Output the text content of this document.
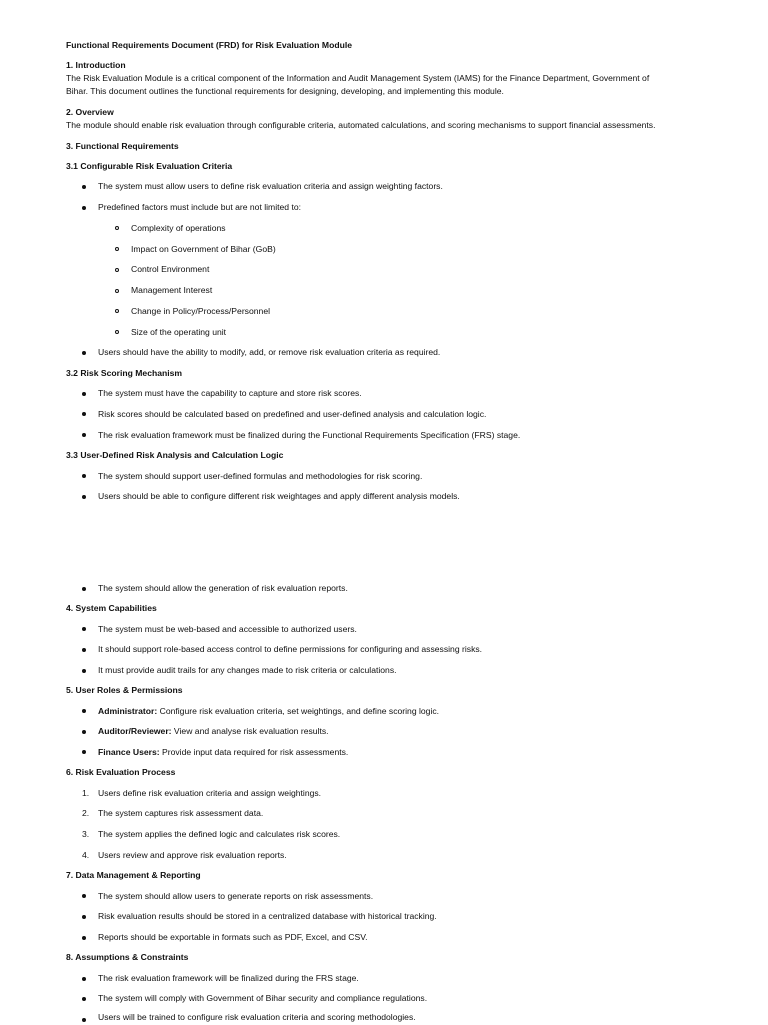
Functional Requirements Document (FRD) for Risk Evaluation Module
1. Introduction
The Risk Evaluation Module is a critical component of the Information and Audit Management System (IAMS) for the Finance Department, Government of
Bihar. This document outlines the functional requirements for designing, developing, and implementing this module.
2. Overview
The module should enable risk evaluation through configurable criteria, automated calculations, and scoring mechanisms to support financial assessments.
3. Functional Requirements
3.1 Configurable Risk Evaluation Criteria
The system must allow users to define risk evaluation criteria and assign weighting factors.
Predefined factors must include but are not limited to:
Complexity of operations
Impact on Government of Bihar (GoB)
Control Environment
Management Interest
Change in Policy/Process/Personnel
Size of the operating unit
Users should have the ability to modify, add, or remove risk evaluation criteria as required.
3.2 Risk Scoring Mechanism
The system must have the capability to capture and store risk scores.
Risk scores should be calculated based on predefined and user-defined analysis and calculation logic.
The risk evaluation framework must be finalized during the Functional Requirements Specification (FRS) stage.
3.3 User-Defined Risk Analysis and Calculation Logic
The system should support user-defined formulas and methodologies for risk scoring.
Users should be able to configure different risk weightages and apply different analysis models.
The system should allow the generation of risk evaluation reports.
4. System Capabilities
The system must be web-based and accessible to authorized users.
It should support role-based access control to define permissions for configuring and assessing risks.
It must provide audit trails for any changes made to risk criteria or calculations.
5. User Roles & Permissions
Administrator: Configure risk evaluation criteria, set weightings, and define scoring logic.
Auditor/Reviewer: View and analyse risk evaluation results.
Finance Users: Provide input data required for risk assessments.
6. Risk Evaluation Process
1. Users define risk evaluation criteria and assign weightings.
2. The system captures risk assessment data.
3. The system applies the defined logic and calculates risk scores.
4. Users review and approve risk evaluation reports.
7. Data Management & Reporting
The system should allow users to generate reports on risk assessments.
Risk evaluation results should be stored in a centralized database with historical tracking.
Reports should be exportable in formats such as PDF, Excel, and CSV.
8. Assumptions & Constraints
The risk evaluation framework will be finalized during the FRS stage.
The system will comply with Government of Bihar security and compliance regulations.
Users will be trained to configure risk evaluation criteria and scoring methodologies.
